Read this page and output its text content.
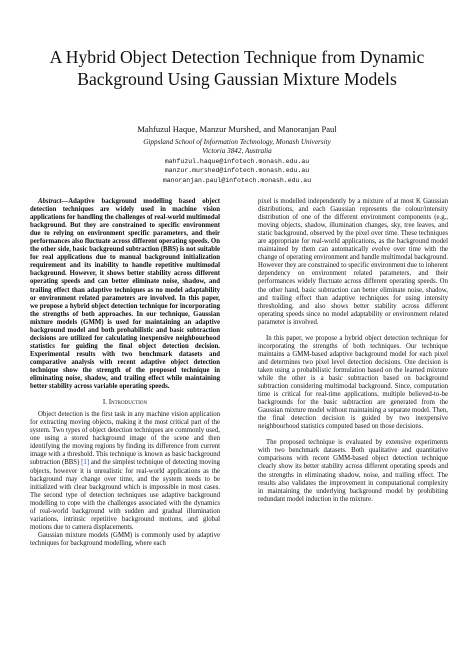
A Hybrid Object Detection Technique from Dynamic Background Using Gaussian Mixture Models
Mahfuzul Haque, Manzur Murshed, and Manoranjan Paul
Gippsland School of Information Technology, Monash University
Victoria 3842, Australia
mahfuzul.haque@infotech.monash.edu.au
manzur.murshed@infotech.monash.edu.au
manoranjan.paul@infotech.monash.edu.au

Abstract—Adaptive background modelling based object detection techniques are widely used in machine vision applications for handling the challenges of real-world multimodal background. But they are constrained to specific environment due to relying on environment specific parameters, and their performances also fluctuate across different operating speeds. On the other side, basic background subtraction (BBS) is not suitable for real applications due to manual background initialization requirement and its inability to handle repetitive multimodal background. However, it shows better stability across different operating speeds and can better eliminate noise, shadow, and trailing effect than adaptive techniques as no model adaptability or environment related parameters are involved. In this paper, we propose a hybrid object detection technique for incorporating the strengths of both approaches. In our technique, Gaussian mixture models (GMM) is used for maintaining an adaptive background model and both probabilistic and basic subtraction decisions are utilized for calculating inexpensive neighbourhood statistics for guiding the final object detection decision. Experimental results with two benchmark datasets and comparative analysis with recent adaptive object detection technique show the strength of the proposed technique in eliminating noise, shadow, and trailing effect while maintaining better stability across variable operating speeds.

I. Introduction

Object detection is the first task in any machine vision application for extracting moving objects, making it the most critical part of the system. Two types of object detection techniques are commonly used, one using a stored background image of the scene and then identifying the moving regions by finding its difference from current image with a threshold. This technique is known as basic background subtraction (BBS) [1] and the simplest technique of detecting moving objects, however it is unrealistic for real-world applications as the background may change over time, and the system needs to be initialized with clear background which is impossible in most cases. The second type of detection techniques use adaptive background modelling to cope with the challenges associated with the dynamics of real-world background with sudden and gradual illumination variations, intrinsic repetitive background motions, and global motions due to camera displacements.

Gaussian mixture models (GMM) is commonly used by adaptive techniques for background modelling, where each

pixel is modelled independently by a mixture of at most K Gaussian distributions, and each Gaussian represents the colour/intensity distribution of one of the different environment components (e.g., moving objects, shadow, illumination changes, sky, tree leaves, and static background, observed by the pixel over time. These techniques are appropriate for real-world applications, as the background model maintained by them can automatically evolve over time with the change of operating environment and handle multimodal background. However they are constrained to specific environment due to inherent dependency on environment related parameters, and their performances widely fluctuate across different operating speeds. On the other hand, basic subtraction can better eliminate noise, shadow, and trailing effect than adaptive techniques for using intensity thresholding, and also shows better stability across different operating speeds since no model adaptability or environment related parameter is involved.

In this paper, we propose a hybrid object detection technique for incorporating the strengths of both techniques. Our technique maintains a GMM-based adaptive background model for each pixel and determines two pixel level detection decisions. One decision is taken using a probabilistic formulation based on the learned mixture while the other is a basic subtraction based on background subtraction considering multimodal background. Since, computation time is critical for real-time applications, multiple believed-to-be backgrounds for the basic subtraction are generated from the Gaussian mixture model without maintaining a separate model. Then, the final detection decision is guided by two inexpensive neighbourhood statistics computed based on those decisions.

The proposed technique is evaluated by extensive experiments with two benchmark datasets. Both qualitative and quantitative comparisons with recent GMM-based object detection technique clearly show its better stability across different operating speeds and the strengths in eliminating shadow, noise, and trailing effect. The results also validates the improvement in computational complexity in maintaining the underlying background model by prohibiting redundant model induction in the mixture.
